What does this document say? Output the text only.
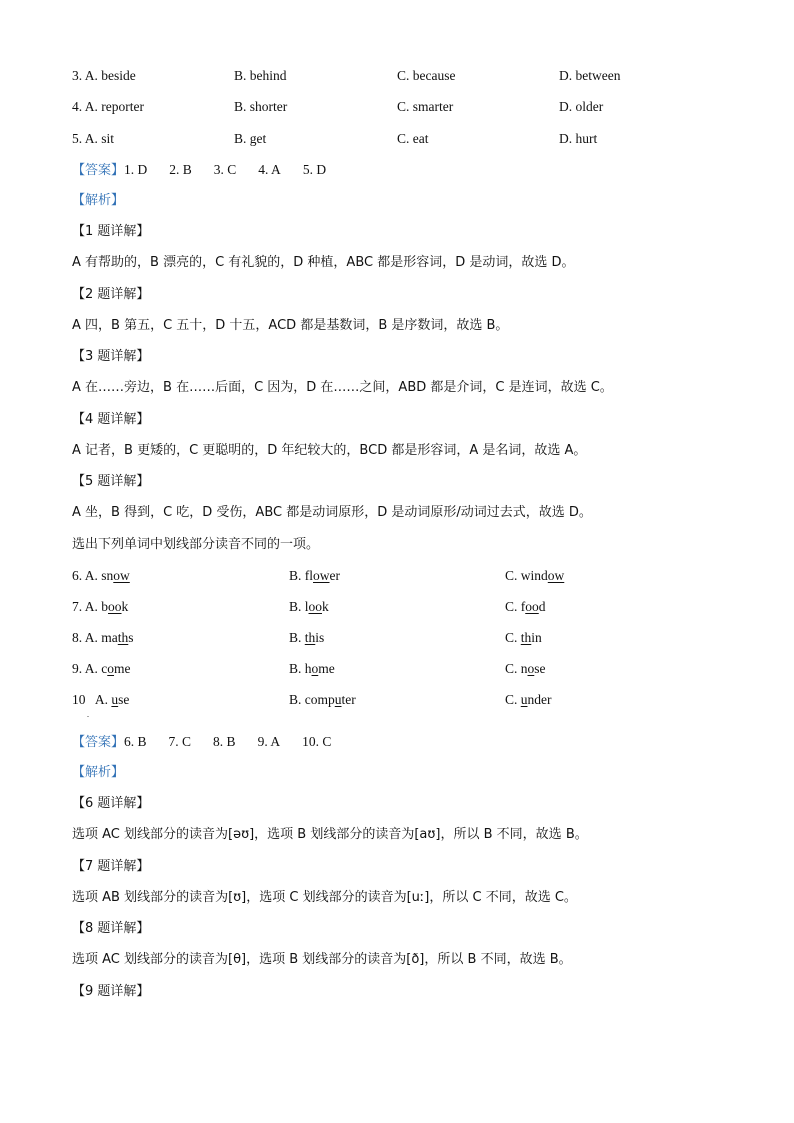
3. A. beside	B. behind	C. because	D. between
4. A. reporter	B. shorter	C. smarter	D. older
5. A. sit	B. get	C. eat	D. hurt
【答案】1. D 2. B 3. C 4. A 5. D
【解析】
【1 题详解】
A 有帮助的，B 漂亮的，C 有礼貌的，D 种植，ABC 都是形容词，D 是动词，故选 D。
【2 题详解】
A 四，B 第五，C 五十，D 十五，ACD 都是基数词，B 是序数词，故选 B。
【3 题详解】
A 在……旁边，B 在……后面，C 因为，D 在……之间，ABD 都是介词，C 是连词，故选 C。
【4 题详解】
A 记者，B 更矮的，C 更聪明的，D 年纪较大的，BCD 都是形容词，A 是名词，故选 A。
【5 题详解】
A 坐，B 得到，C 吃，D 受伤，ABC 都是动词原形，D 是动词原形/动词过去式，故选 D。
选出下列单词中划线部分读音不同的一项。
6. A. snow	B. flower	C. window
7. A. book	B. look	C. food
8. A. maths	B. this	C. thin
9. A. come	B. home	C. nose
10   A. use	B. computer	C. under
.
【答案】6. B 7. C 8. B 9. A 10. C
【解析】
【6 题详解】
选项 AC 划线部分的读音为[əʊ]，选项 B 划线部分的读音为[aʊ]，所以 B 不同，故选 B。
【7 题详解】
选项 AB 划线部分的读音为[ʊ]，选项 C 划线部分的读音为[uː]，所以 C 不同，故选 C。
【8 题详解】
选项 AC 划线部分的读音为[θ]，选项 B 划线部分的读音为[ð]，所以 B 不同，故选 B。
【9 题详解】
